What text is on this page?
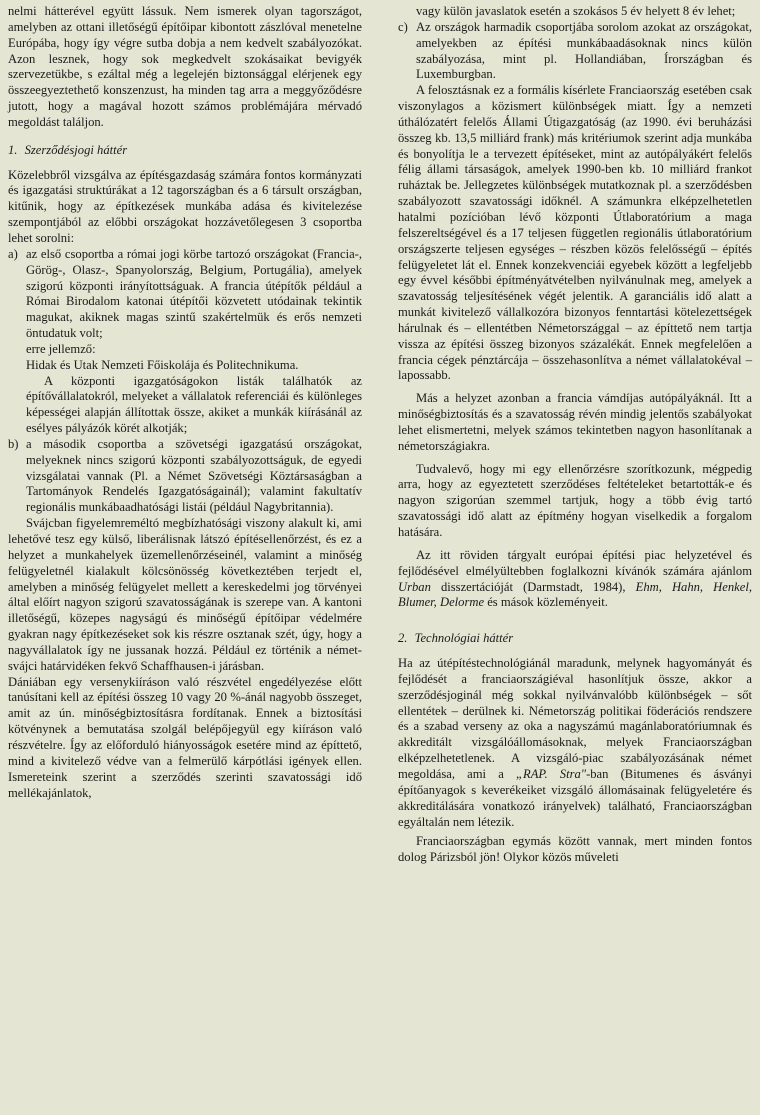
nelmi hátterével együtt lássuk. Nem ismerek olyan tagországot, amelyben az ottani illetőségű építőipar kibontott zászlóval menetelne Európába, hogy így végre sutba dobja a nem kedvelt szabályozókat. Azon lesznek, hogy sok megkedvelt szokásaikat bevigyék szervezetükbe, s ezáltal még a legelején biztonsággal elérjenek egy összeegyeztethető konszenzust, ha minden tag arra a meggyőződésre jutott, hogy a magával hozott számos problémájára mérvadó megoldást találjon.

1. Szerződésjogi háttér

Közelebbről vizsgálva az építésgazdaság számára fontos kormányzati és igazgatási struktúrákat a 12 tagországban és a 6 társult országban, kitűnik, hogy az építkezések munkába adása és kivitelezése szempontjából az előbbi országokat hozzávetőlegesen 3 csoportba lehet sorolni:

a) az első csoportba a római jogi körbe tartozó országokat (Francia-, Görög-, Olasz-, Spanyolország, Belgium, Portugália), amelyek szigorú központi irányítottságuak. A francia útépítők például a Római Birodalom katonai útépítői közvetett utódainak tekintik magukat, akiknek magas szintű szakértelmük és erős nemzeti öntudatuk volt;

erre jellemző:

Hidak és Utak Nemzeti Főiskolája és Politechnikuma.

A központi igazgatóságokon listák találhatók az építővállalatokról, melyeket a vállalatok referenciái és különleges képességei alapján állítottak össze, akiket a munkák kiírásánál az esélyes pályázók körét alkotják;

b) a második csoportba a szövetségi igazgatású országokat, melyeknek nincs szigorú központi szabályozottságuk, de egyedi vizsgálatai vannak (Pl. a Német Szövetségi Köztársaságban a Tartományok Rendelés Igazgatóságainál); valamint fakultatív regionális munkábaadhatósági listái (például Nagybritannia).

Svájcban figyelemreméltó megbízhatósági viszony alakult ki, ami lehetővé tesz egy külső, liberálisnak látszó építésellenőrzést, és ez a helyzet a munkahelyek üzemellenőrzéseinél, valamint a minőség felügyeletnél kialakult kölcsönösség következtében terjedt el, amelyben a minőség felügyelet mellett a kereskedelmi jog törvényei által előírt nagyon szigorú szavatosságának is szerepe van. A kantoni illetőségű, közepes nagyságú és minőségű építőipar védelmére gyakran nagy építkezéseket sok kis részre osztanak szét, úgy, hogy a nagyvállalatok így ne jussanak hozzá. Például ez történik a német-svájci határvidéken fekvő Schaffhausen-i járásban.

Dániában egy versenykiíráson való részvétel engedélyezése előtt tanúsítani kell az építési összeg 10 vagy 20 %-ánál nagyobb összeget, amit az ún. minőségbiztosításra fordítanak. Ennek a biztosítási kötvénynek a bemutatása szolgál belépőjegyül egy kiíráson való részvételre. Így az előforduló hiányosságok esetére mind az építtető, mind a kivitelező védve van a felmerülő kárpótlási igények ellen. Ismereteink szerint a szerződés szerinti szavatossági idő mellékajánlatok,

vagy külön javaslatok esetén a szokásos 5 év helyett 8 év lehet;

c) Az országok harmadik csoportjába sorolom azokat az országokat, amelyekben az építési munkábaadásoknak nincs külön szabályozása, mint pl. Hollandiában, Írországban és Luxemburgban.

A felosztásnak ez a formális kísérlete Franciaország esetében csak viszonylagos a közismert különbségek miatt. Így a nemzeti úthálózatért felelős Állami Útigazgatóság (az 1990. évi beruházási összeg kb. 13,5 milliárd frank) más kritériumok szerint adja munkába és bonyolítja le a tervezett építéseket, mint az autópályákért felelős félig állami társaságok, amelyek 1990-ben kb. 10 milliárd frankot ruháztak be. Jellegzetes különbségek mutatkoznak pl. a szerződésben szabályozott szavatossági időknél. A számunkra elképzelhetetlen hatalmi pozícióban lévő központi Útlaboratórium a maga felszereltségével és a 17 teljesen független regionális útlaboratórium országszerte teljesen egységes – részben közös felelősségű – építés felügyeletet lát el. Ennek konzekvenciái egyebek között a legfeljebb egy évvel későbbi építményátvételben nyilvánulnak meg, amelyek a szavatosság teljesítésének végét jelentik. A garanciális idő alatt a munkát kivitelező vállalkozóra bizonyos fenntartási kötelezettségek hárulnak és – ellentétben Németországgal – az építtető nem tartja vissza az építési összeg bizonyos százalékát. Ennek megfelelően a francia cégek pénztárcája – összehasonlítva a német vállalatokéval – lapossabb.

Más a helyzet azonban a francia vámdíjas autópályáknál. Itt a minőségbiztosítás és a szavatosság révén mindig jelentős szabályokat lehet elismertetni, melyek számos tekintetben nagyon hasonlítanak a németországiakra.

Tudvalevő, hogy mi egy ellenőrzésre szorítkozunk, mégpedig arra, hogy az egyeztetett szerződéses feltételeket betartották-e és nagyon szigorúan szemmel tartjuk, hogy a több évig tartó szavatossági idő alatt az építmény hogyan viselkedik a forgalom hatására.

Az itt röviden tárgyalt európai építési piac helyzetével és fejlődésével elmélyültebben foglalkozni kívánók számára ajánlom Urban disszertációját (Darmstadt, 1984), Ehm, Hahn, Henkel, Blumer, Delorme és mások közleményeit.

2. Technológiai háttér

Ha az útépítéstechnológiánál maradunk, melynek hagyományát és fejlődését a franciaországiéval hasonlítjuk össze, akkor a szerződésjoginál még sokkal nyilvánvalóbb különbségek – sőt ellentétek – derülnek ki. Németország politikai föderációs rendszere és a szabad verseny az oka a nagyszámú magánlaboratóriumnak és akkreditált vizsgálóállomásoknak, melyek Franciaországban elképzelhetetlenek. A vizsgáló-piac szabályozásának német megoldása, ami a „RAP. Stra"-ban (Bitumenes és ásványi építőanyagok s keverékeiket vizsgáló állomásainak felügyeletére és akkreditálására vonatkozó irányelvek) található, Franciaországban egyáltalán nem létezik.

Franciaországban egymás között vannak, mert minden fontos dolog Párizsból jön! Olykor közös műveleti
